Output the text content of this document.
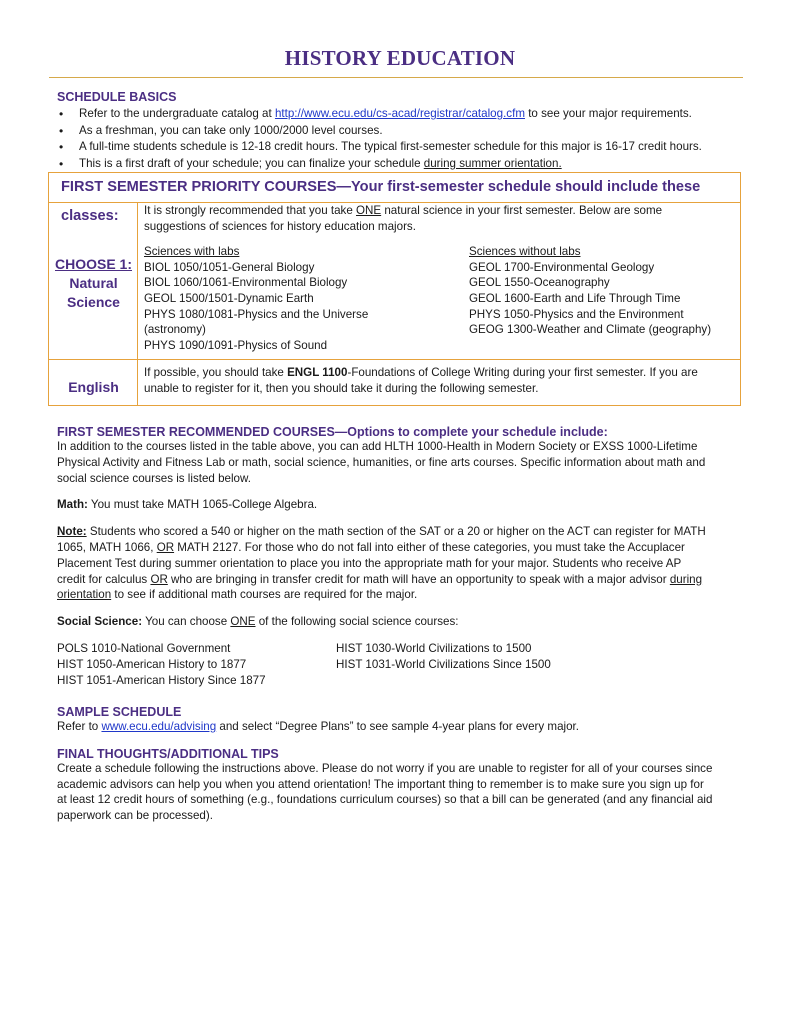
HISTORY EDUCATION
SCHEDULE BASICS
• Refer to the undergraduate catalog at http://www.ecu.edu/cs-acad/registrar/catalog.cfm to see your major requirements.
• As a freshman, you can take only 1000/2000 level courses.
• A full-time students schedule is 12-18 credit hours. The typical first-semester schedule for this major is 16-17 credit hours.
• This is a first draft of your schedule; you can finalize your schedule during summer orientation.
FIRST SEMESTER PRIORITY COURSES—Your first-semester schedule should include these classes:
CHOOSE 1:
Natural
Science
It is strongly recommended that you take ONE natural science in your first semester. Below are some
suggestions of sciences for history education majors.
Sciences with labs
BIOL 1050/1051-General Biology
BIOL 1060/1061-Environmental Biology
GEOL 1500/1501-Dynamic Earth
PHYS 1080/1081-Physics and the Universe
(astronomy)
PHYS 1090/1091-Physics of Sound
Sciences without labs
GEOL 1700-Environmental Geology
GEOL 1550-Oceanography
GEOL 1600-Earth and Life Through Time
PHYS 1050-Physics and the Environment
GEOG 1300-Weather and Climate (geography)
English
If possible, you should take ENGL 1100-Foundations of College Writing during your first semester. If you are
unable to register for it, then you should take it during the following semester.
FIRST SEMESTER RECOMMENDED COURSES—Options to complete your schedule include:
In addition to the courses listed in the table above, you can add HLTH 1000-Health in Modern Society or EXSS 1000-Lifetime
Physical Activity and Fitness Lab or math, social science, humanities, or fine arts courses. Specific information about math and
social science courses is listed below.
Math: You must take MATH 1065-College Algebra.
Note: Students who scored a 540 or higher on the math section of the SAT or a 20 or higher on the ACT can register for MATH
1065, MATH 1066, OR MATH 2127. For those who do not fall into either of these categories, you must take the Accuplacer
Placement Test during summer orientation to place you into the appropriate math for your major. Students who receive AP
credit for calculus OR who are bringing in transfer credit for math will have an opportunity to speak with a major advisor during
orientation to see if additional math courses are required for the major.
Social Science: You can choose ONE of the following social science courses:
POLS 1010-National Government
HIST 1050-American History to 1877
HIST 1051-American History Since 1877
HIST 1030-World Civilizations to 1500
HIST 1031-World Civilizations Since 1500
SAMPLE SCHEDULE
Refer to www.ecu.edu/advising and select “Degree Plans” to see sample 4-year plans for every major.
FINAL THOUGHTS/ADDITIONAL TIPS
Create a schedule following the instructions above. Please do not worry if you are unable to register for all of your courses since
academic advisors can help you when you attend orientation! The important thing to remember is to make sure you sign up for
at least 12 credit hours of something (e.g., foundations curriculum courses) so that a bill can be generated (and any financial aid
paperwork can be processed).
